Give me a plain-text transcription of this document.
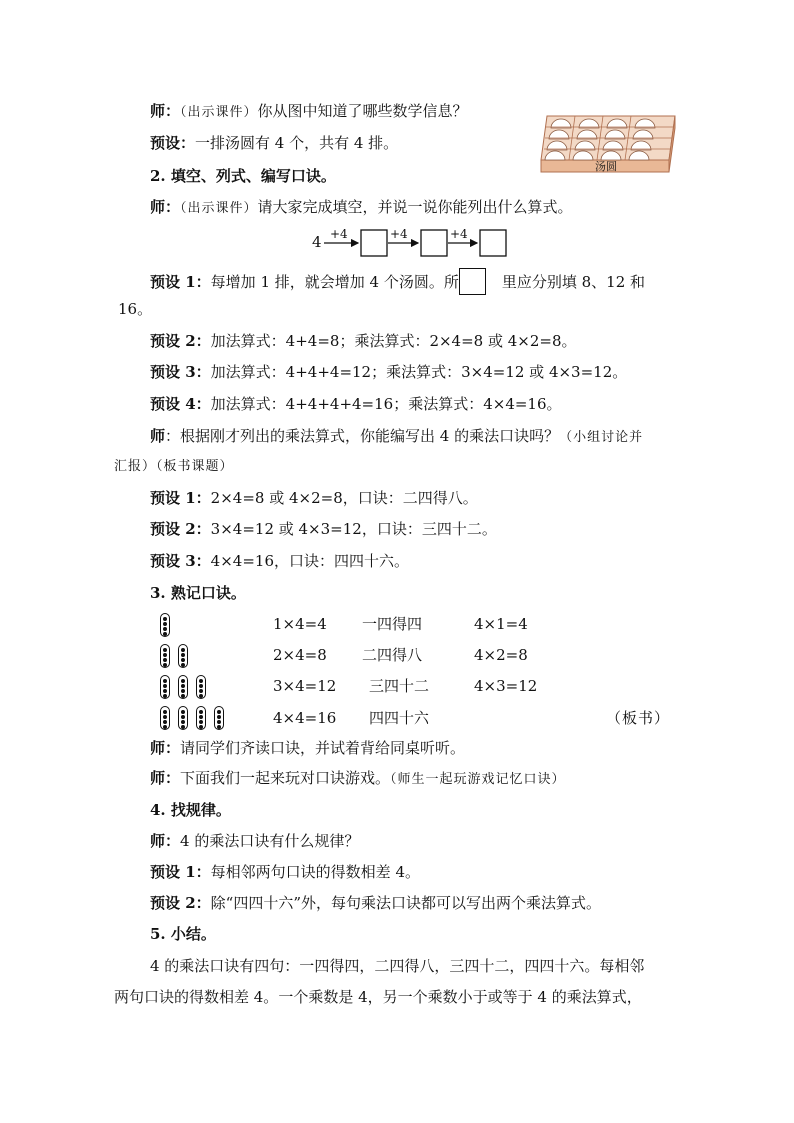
师：（出示课件）你从图中知道了哪些数学信息？
预设：一排汤圆有 4 个，共有 4 排。
汤圆
2. 填空、列式、编写口诀。
师：（出示课件）请大家完成填空，并说一说你能列出什么算式。
4 +4	+4	+4
预设 1：每增加 1 排，就会增加 4 个汤圆。所	里应分别填 8、12 和
16。
预设 2：加法算式：4+4=8；乘法算式：2×4=8 或 4×2=8。
预设 3：加法算式：4+4+4=12；乘法算式：3×4=12 或 4×3=12。
预设 4：加法算式：4+4+4+4=16；乘法算式：4×4=16。
师：根据刚才列出的乘法算式，你能编写出 4 的乘法口诀吗？（小组讨论并
汇报）（板书课题）
预设 1：2×4=8 或 4×2=8，口诀：二四得八。
预设 2：3×4=12 或 4×3=12，口诀：三四十二。
预设 3：4×4=16，口诀：四四十六。
3. 熟记口诀。
1×4=4 一四得四	4×1=4
2×4=8 二四得八	4×2=8
3×4=12 三四十二	4×3=12
4×4=16 四四十六	（板书）
师：请同学们齐读口诀，并试着背给同桌听听。
师：下面我们一起来玩对口诀游戏。（师生一起玩游戏记忆口诀）
4. 找规律。
师：4 的乘法口诀有什么规律？
预设 1：每相邻两句口诀的得数相差 4。
预设 2：除“四四十六”外，每句乘法口诀都可以写出两个乘法算式。
5. 小结。
4 的乘法口诀有四句：一四得四，二四得八，三四十二，四四十六。每相邻
两句口诀的得数相差 4。一个乘数是 4，另一个乘数小于或等于 4 的乘法算式，
